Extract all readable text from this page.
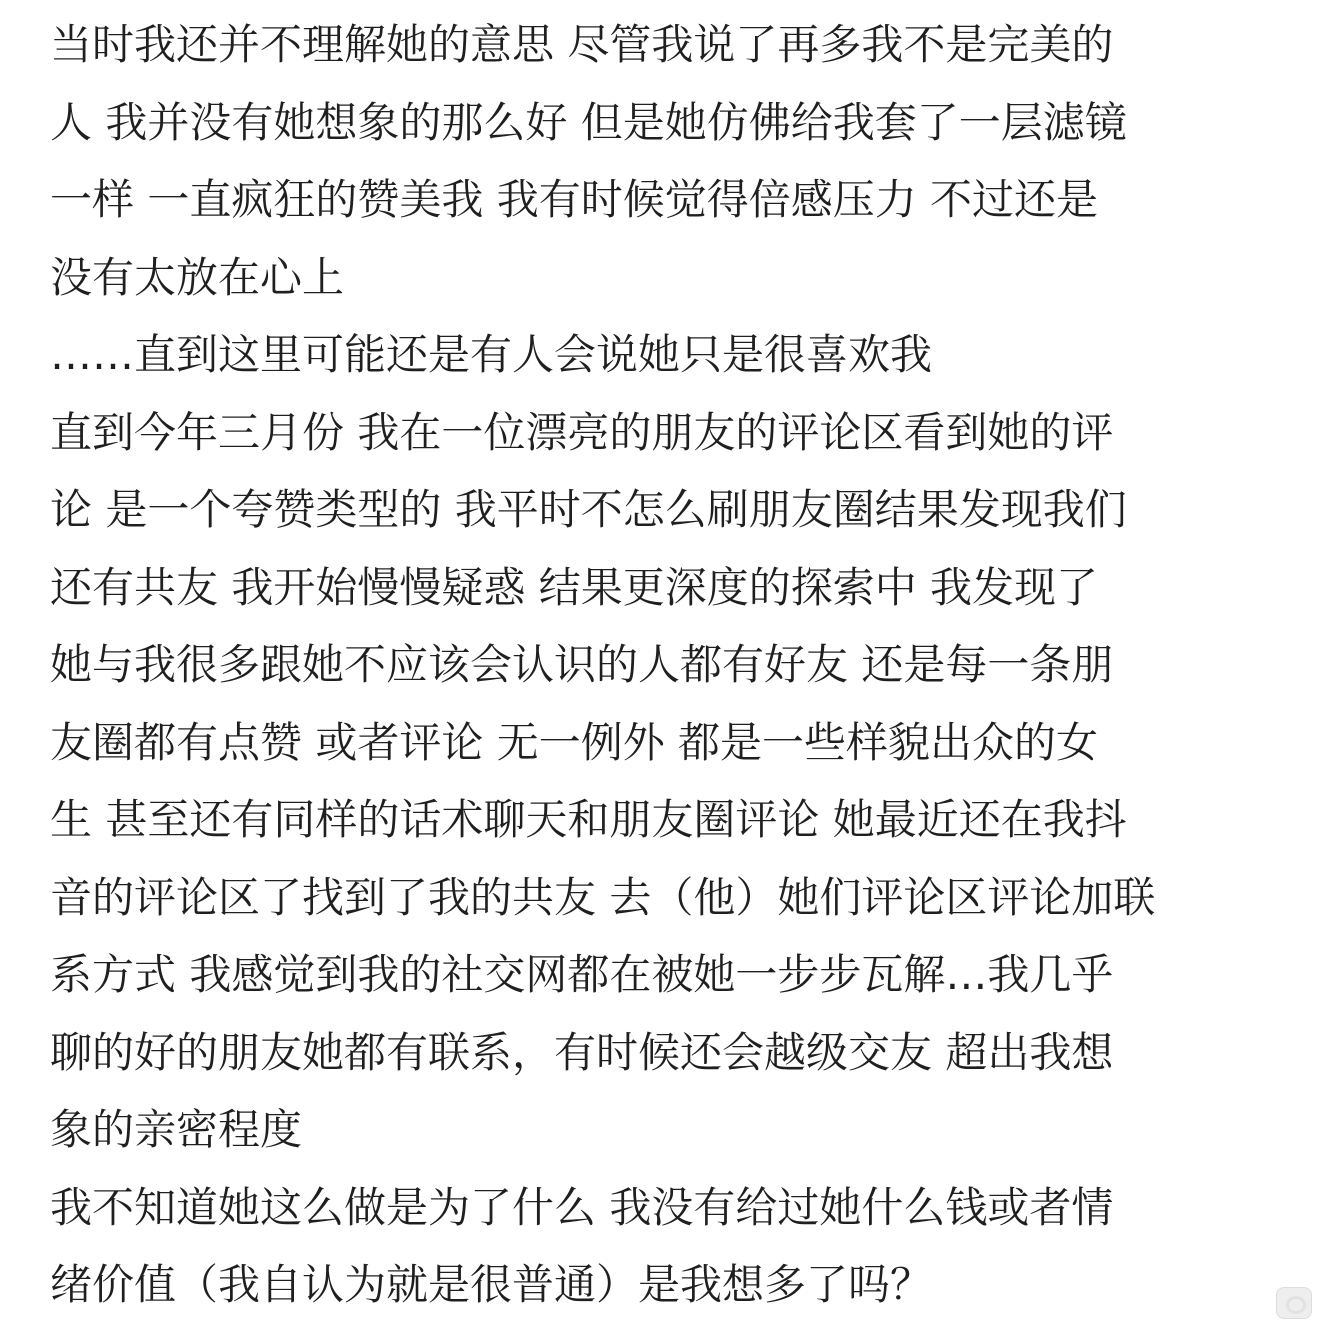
当时我还并不理解她的意思 尽管我说了再多我不是完美的
人 我并没有她想象的那么好 但是她仿佛给我套了一层滤镜
一样 一直疯狂的赞美我 我有时候觉得倍感压力 不过还是
没有太放在心上
……直到这里可能还是有人会说她只是很喜欢我
直到今年三月份 我在一位漂亮的朋友的评论区看到她的评
论 是一个夸赞类型的 我平时不怎么刷朋友圈结果发现我们
还有共友 我开始慢慢疑惑 结果更深度的探索中 我发现了
她与我很多跟她不应该会认识的人都有好友 还是每一条朋
友圈都有点赞 或者评论 无一例外 都是一些样貌出众的女
生 甚至还有同样的话术聊天和朋友圈评论 她最近还在我抖
音的评论区了找到了我的共友 去（他）她们评论区评论加联
系方式 我感觉到我的社交网都在被她一步步瓦解…我几乎
聊的好的朋友她都有联系，有时候还会越级交友 超出我想
象的亲密程度
我不知道她这么做是为了什么 我没有给过她什么钱或者情
绪价值（我自认为就是很普通）是我想多了吗？
